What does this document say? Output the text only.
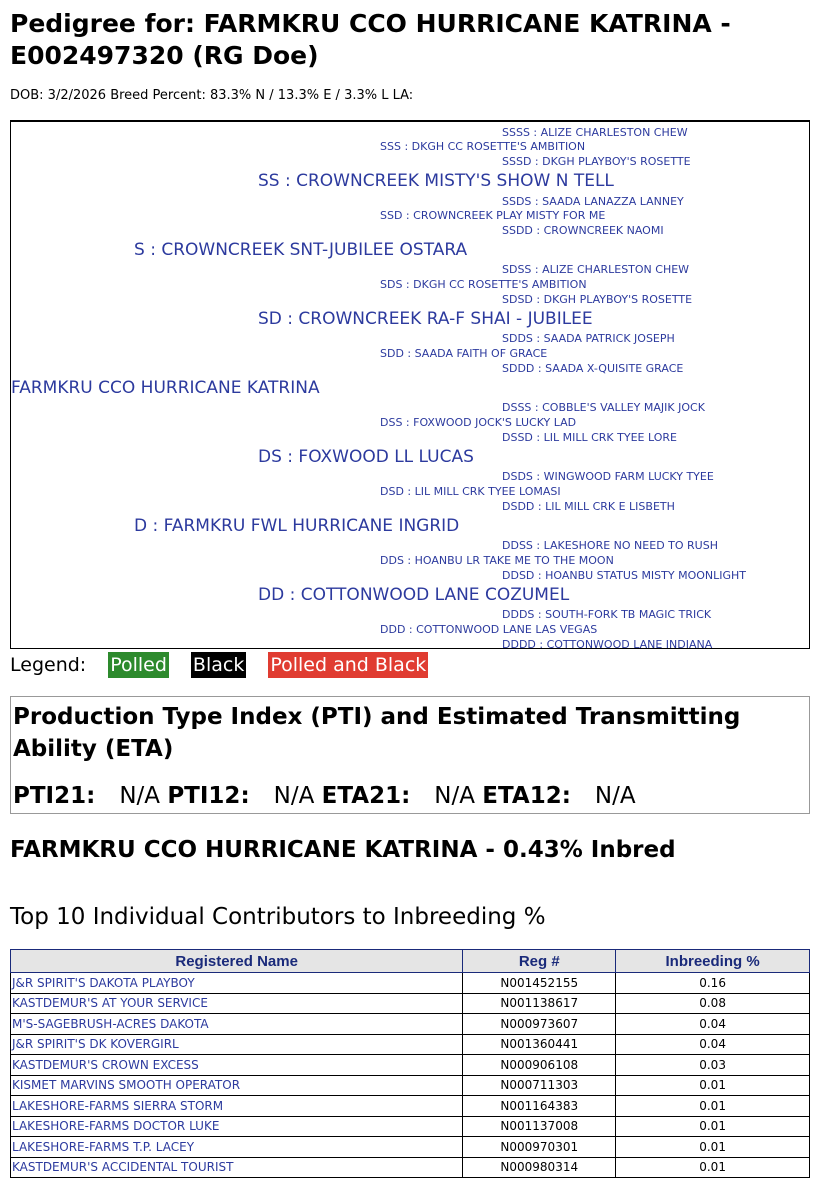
Pedigree for: FARMKRU CCO HURRICANE KATRINA - E002497320 (RG Doe)
DOB: 3/2/2026 Breed Percent: 83.3% N / 13.3% E / 3.3% L LA:
SSSS : ALIZE CHARLESTON CHEW
SSS : DKGH CC ROSETTE'S AMBITION
SSSD : DKGH PLAYBOY'S ROSETTE
SS : CROWNCREEK MISTY'S SHOW N TELL
SSDS : SAADA LANAZZA LANNEY
SSD : CROWNCREEK PLAY MISTY FOR ME
SSDD : CROWNCREEK NAOMI
S : CROWNCREEK SNT-JUBILEE OSTARA
SDSS : ALIZE CHARLESTON CHEW
SDS : DKGH CC ROSETTE'S AMBITION
SDSD : DKGH PLAYBOY'S ROSETTE
SD : CROWNCREEK RA-F SHAI - JUBILEE
SDDS : SAADA PATRICK JOSEPH
SDD : SAADA FAITH OF GRACE
SDDD : SAADA X-QUISITE GRACE
FARMKRU CCO HURRICANE KATRINA
DSSS : COBBLE'S VALLEY MAJIK JOCK
DSS : FOXWOOD JOCK'S LUCKY LAD
DSSD : LIL MILL CRK TYEE LORE
DS : FOXWOOD LL LUCAS
DSDS : WINGWOOD FARM LUCKY TYEE
DSD : LIL MILL CRK TYEE LOMASI
DSDD : LIL MILL CRK E LISBETH
D : FARMKRU FWL HURRICANE INGRID
DDSS : LAKESHORE NO NEED TO RUSH
DDS : HOANBU LR TAKE ME TO THE MOON
DDSD : HOANBU STATUS MISTY MOONLIGHT
DD : COTTONWOOD LANE COZUMEL
DDDS : SOUTH-FORK TB MAGIC TRICK
DDD : COTTONWOOD LANE LAS VEGAS
DDDD : COTTONWOOD LANE INDIANA
Legend: Polled Black Polled and Black
Production Type Index (PTI) and Estimated Transmitting Ability (ETA)
PTI21: N/A PTI12: N/A ETA21: N/A ETA12: N/A
FARMKRU CCO HURRICANE KATRINA - 0.43% Inbred
Top 10 Individual Contributors to Inbreeding %
Registered Name	Reg #	Inbreeding %
J&R SPIRIT'S DAKOTA PLAYBOY	N001452155	0.16
KASTDEMUR'S AT YOUR SERVICE	N001138617	0.08
M'S-SAGEBRUSH-ACRES DAKOTA	N000973607	0.04
J&R SPIRIT'S DK KOVERGIRL	N001360441	0.04
KASTDEMUR'S CROWN EXCESS	N000906108	0.03
KISMET MARVINS SMOOTH OPERATOR	N000711303	0.01
LAKESHORE-FARMS SIERRA STORM	N001164383	0.01
LAKESHORE-FARMS DOCTOR LUKE	N001137008	0.01
LAKESHORE-FARMS T.P. LACEY	N000970301	0.01
KASTDEMUR'S ACCIDENTAL TOURIST	N000980314	0.01
